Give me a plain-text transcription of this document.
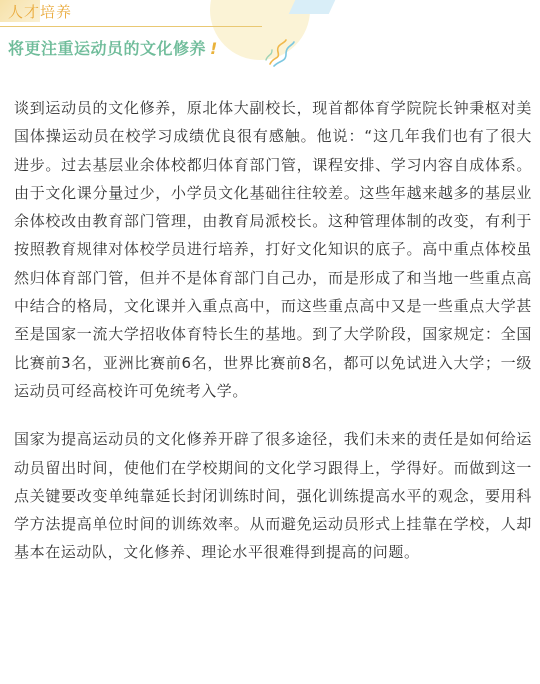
人才培养
将更注重运动员的文化修养 !

谈到运动员的文化修养，原北体大副校长，现首都体育学院院长钟秉枢对美国体操运动员在校学习成绩优良很有感触。他说：“这几年我们也有了很大进步。过去基层业余体校都归体育部门管，课程安排、学习内容自成体系。由于文化课分量过少，小学员文化基础往往较差。这些年越来越多的基层业余体校改由教育部门管理，由教育局派校长。这种管理体制的改变，有利于按照教育规律对体校学员进行培养，打好文化知识的底子。高中重点体校虽然归体育部门管，但并不是体育部门自己办，而是形成了和当地一些重点高中结合的格局，文化课并入重点高中，而这些重点高中又是一些重点大学甚至是国家一流大学招收体育特长生的基地。到了大学阶段，国家规定：全国比赛前3名，亚洲比赛前6名，世界比赛前8名，都可以免试进入大学；一级运动员可经高校许可免统考入学。

国家为提高运动员的文化修养开辟了很多途径，我们未来的责任是如何给运动员留出时间，使他们在学校期间的文化学习跟得上，学得好。而做到这一点关键要改变单纯靠延长封闭训练时间，强化训练提高水平的观念，要用科学方法提高单位时间的训练效率。从而避免运动员形式上挂靠在学校，人却基本在运动队，文化修养、理论水平很难得到提高的问题。
